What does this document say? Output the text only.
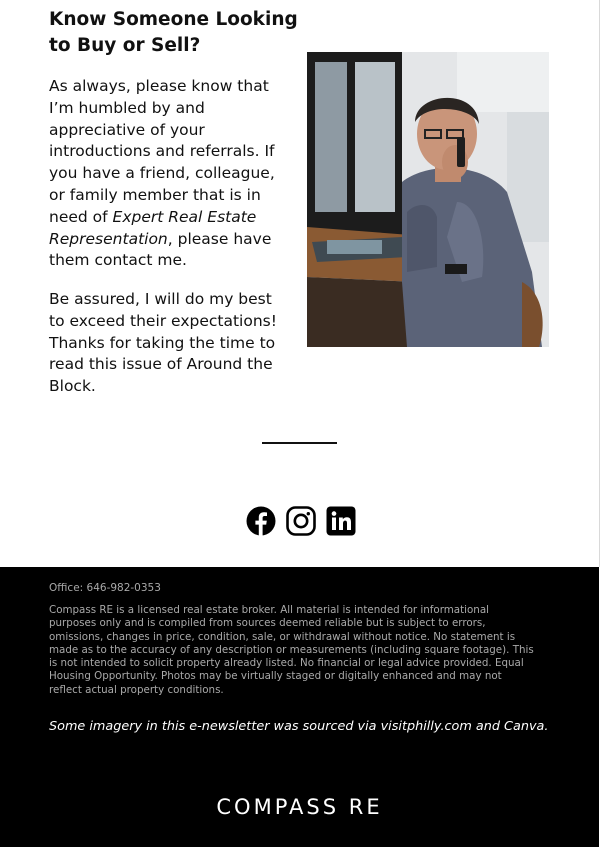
Know Someone Looking to Buy or Sell?

As always, please know that I’m humbled by and appreciative of your introductions and referrals. If you have a friend, colleague, or family member that is in need of Expert Real Estate Representation, please have them contact me.

Be assured, I will do my best to exceed their expectations! Thanks for taking the time to read this issue of Around the Block.

Office: 646-982-0353

Compass RE is a licensed real estate broker. All material is intended for informational purposes only and is compiled from sources deemed reliable but is subject to errors, omissions, changes in price, condition, sale, or withdrawal without notice. No statement is made as to the accuracy of any description or measurements (including square footage). This is not intended to solicit property already listed. No financial or legal advice provided. Equal Housing Opportunity. Photos may be virtually staged or digitally enhanced and may not reflect actual property conditions.

Some imagery in this e-newsletter was sourced via visitphilly.com and Canva.

COMPASS RE
